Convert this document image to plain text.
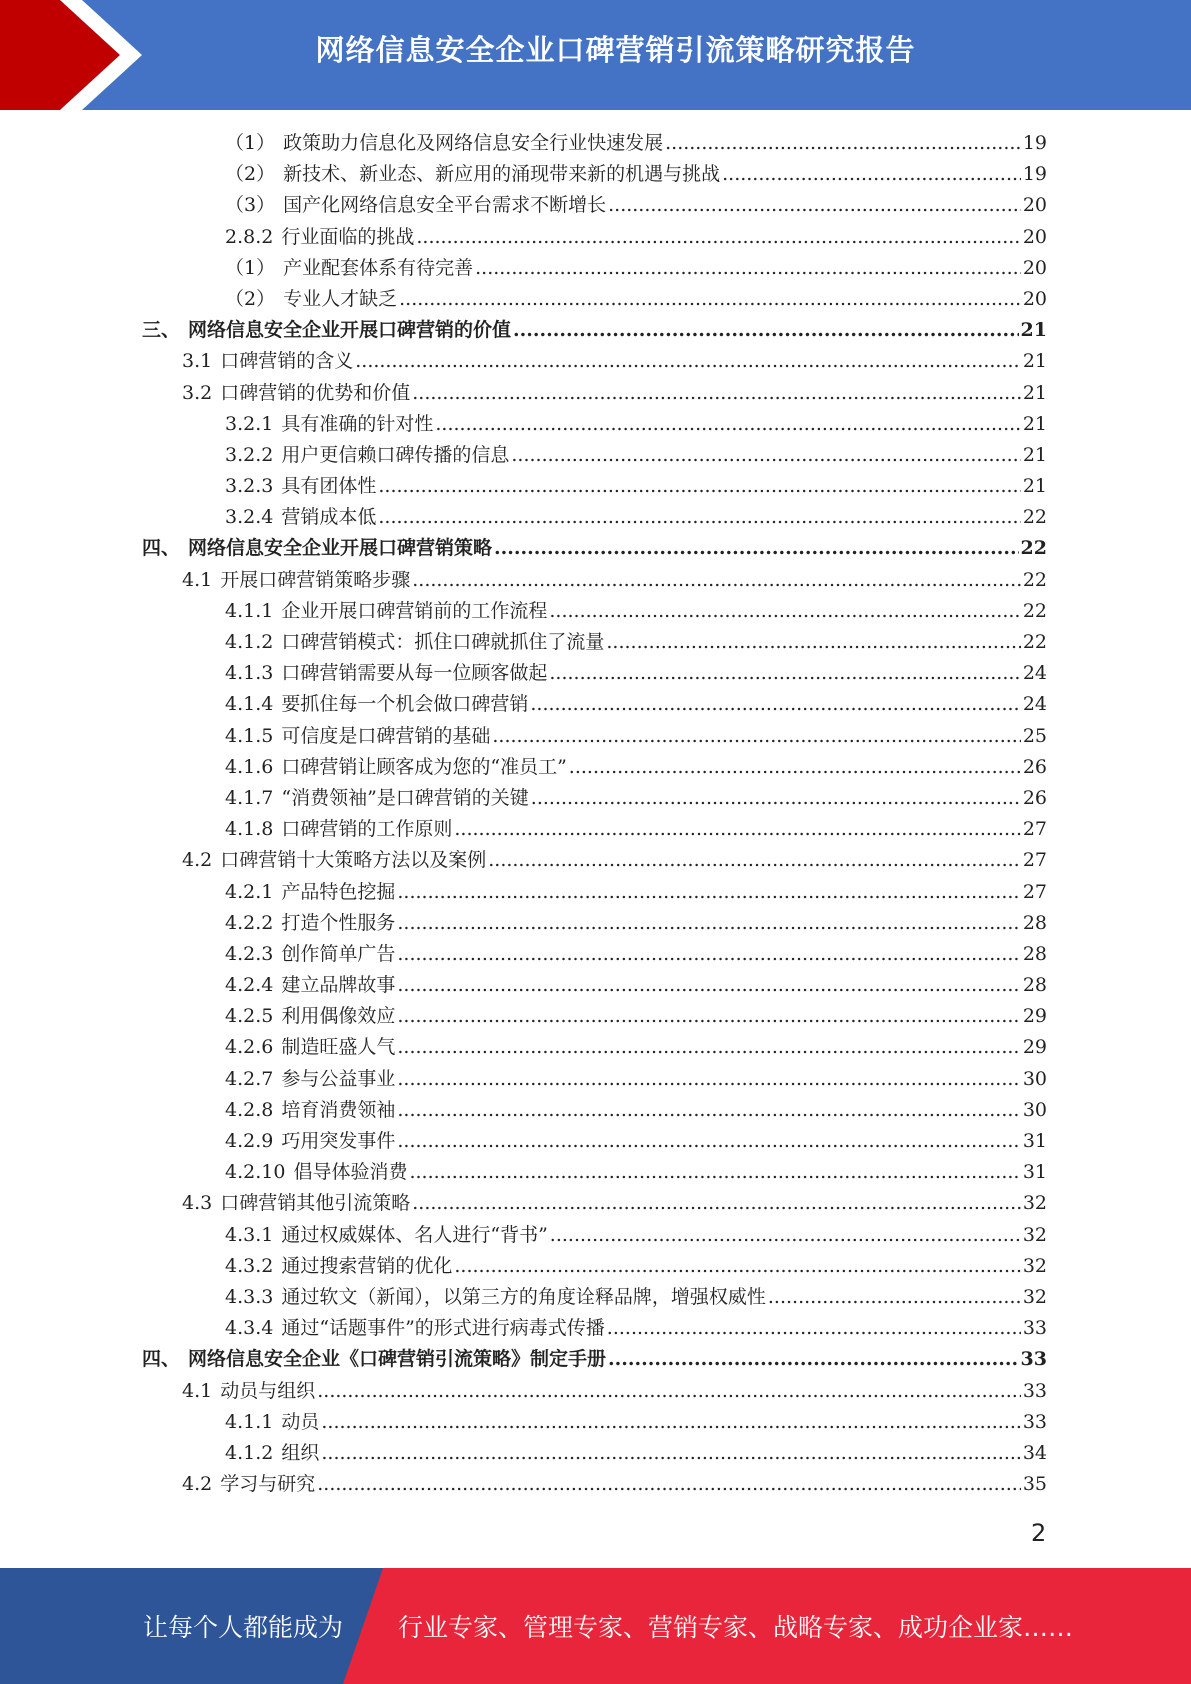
网络信息安全企业口碑营销引流策略研究报告
（1） 政策助力信息化及网络信息安全行业快速发展 .....	19
（2） 新技术、新业态、新应用的涌现带来新的机遇与挑战 .....	19
（3） 国产化网络信息安全平台需求不断增长 .....	20
2.8.2 行业面临的挑战 .....	20
（1） 产业配套体系有待完善 .....	20
（2） 专业人才缺乏 .....	20
三、 网络信息安全企业开展口碑营销的价值 .....	21
3.1 口碑营销的含义 .....	21
3.2 口碑营销的优势和价值 .....	21
3.2.1 具有准确的针对性 .....	21
3.2.2 用户更信赖口碑传播的信息 .....	21
3.2.3 具有团体性 .....	21
3.2.4 营销成本低 .....	22
四、 网络信息安全企业开展口碑营销策略 .....	22
4.1 开展口碑营销策略步骤 .....	22
4.1.1 企业开展口碑营销前的工作流程 .....	22
4.1.2 口碑营销模式：抓住口碑就抓住了流量 .....	22
4.1.3 口碑营销需要从每一位顾客做起 .....	24
4.1.4 要抓住每一个机会做口碑营销 .....	24
4.1.5 可信度是口碑营销的基础 .....	25
4.1.6 口碑营销让顾客成为您的“准员工” .....	26
4.1.7 “消费领袖”是口碑营销的关键 .....	26
4.1.8 口碑营销的工作原则 .....	27
4.2 口碑营销十大策略方法以及案例 .....	27
4.2.1 产品特色挖掘 .....	27
4.2.2 打造个性服务 .....	28
4.2.3 创作简单广告 .....	28
4.2.4 建立品牌故事 .....	28
4.2.5 利用偶像效应 .....	29
4.2.6 制造旺盛人气 .....	29
4.2.7 参与公益事业 .....	30
4.2.8 培育消费领袖 .....	30
4.2.9 巧用突发事件 .....	31
4.2.10 倡导体验消费 .....	31
4.3 口碑营销其他引流策略 .....	32
4.3.1 通过权威媒体、名人进行“背书” .....	32
4.3.2 通过搜索营销的优化 .....	32
4.3.3 通过软文（新闻），以第三方的角度诠释品牌，增强权威性 .....	32
4.3.4 通过“话题事件”的形式进行病毒式传播 .....	33
四、 网络信息安全企业《口碑营销引流策略》制定手册 .....	33
4.1 动员与组织 .....	33
4.1.1 动员 .....	33
4.1.2 组织 .....	34
4.2 学习与研究 .....	35
2
让每个人都能成为 行业专家、管理专家、营销专家、战略专家、成功企业家……
